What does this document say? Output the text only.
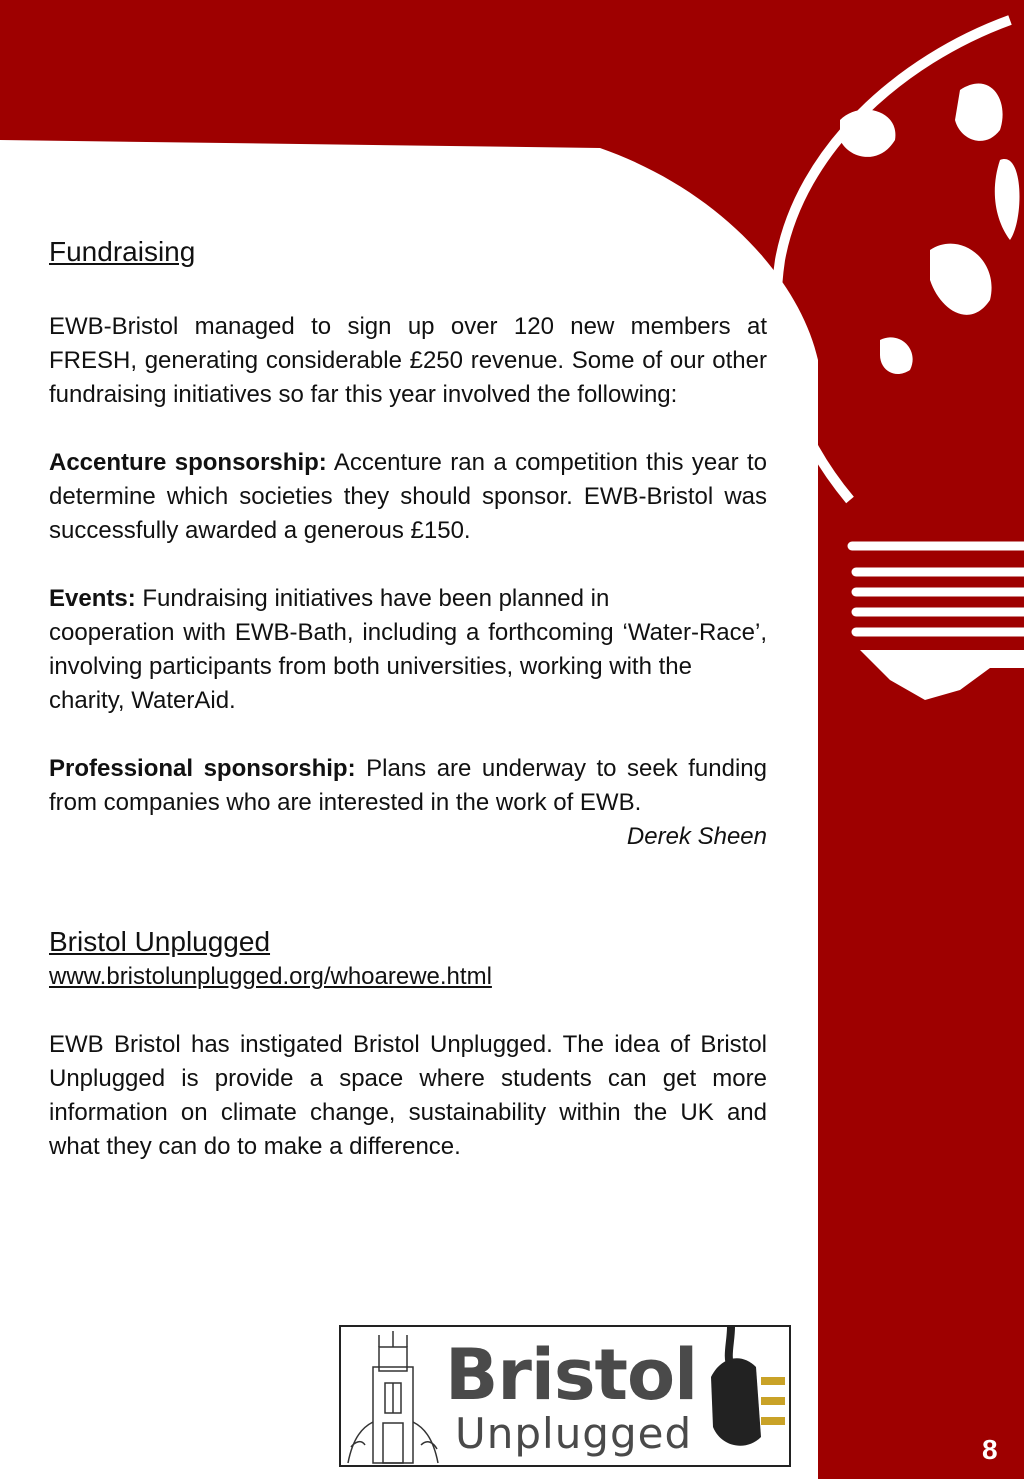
Fundraising

EWB-Bristol managed to sign up over 120 new members at FRESH, generating considerable £250 revenue. Some of our other fundraising initiatives so far this year involved the following:

Accenture sponsorship: Accenture ran a competition this year to determine which societies they should sponsor. EWB-Bristol was successfully awarded a generous £150.

Events: Fundraising initiatives have been planned in

cooperation with EWB-Bath, including a forthcoming ‘Water-Race’, involving participants from both universities, working with the

charity, WaterAid.

Professional sponsorship: Plans are underway to seek funding from companies who are interested in the work of EWB.

Derek Sheen

Bristol Unplugged
www.bristolunplugged.org/whoarewe.html

EWB Bristol has instigated Bristol Unplugged. The idea of Bristol Unplugged is provide a space where students can get more information on climate change, sustainability within the UK and what they can do to make a difference.

Bristol
Unplugged	8
